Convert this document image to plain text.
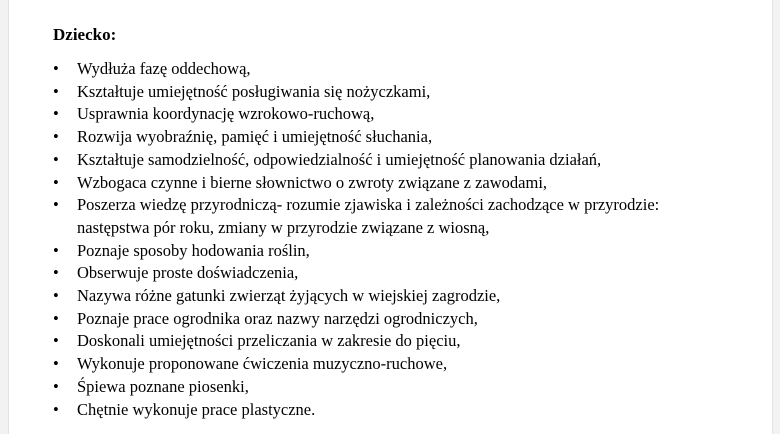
Dziecko:
• Wydłuża fazę oddechową,
• Kształtuje umiejętność posługiwania się nożyczkami,
• Usprawnia koordynację wzrokowo-ruchową,
• Rozwija wyobraźnię, pamięć i umiejętność słuchania,
• Kształtuje samodzielność, odpowiedzialność i umiejętność planowania działań,
• Wzbogaca czynne i bierne słownictwo o zwroty związane z zawodami,
• Poszerza wiedzę przyrodniczą- rozumie zjawiska i zależności zachodzące w przyrodzie:
następstwa pór roku, zmiany w przyrodzie związane z wiosną,
• Poznaje sposoby hodowania roślin,
• Obserwuje proste doświadczenia,
• Nazywa różne gatunki zwierząt żyjących w wiejskiej zagrodzie,
• Poznaje prace ogrodnika oraz nazwy narzędzi ogrodniczych,
• Doskonali umiejętności przeliczania w zakresie do pięciu,
• Wykonuje proponowane ćwiczenia muzyczno-ruchowe,
• Śpiewa poznane piosenki,
• Chętnie wykonuje prace plastyczne.
